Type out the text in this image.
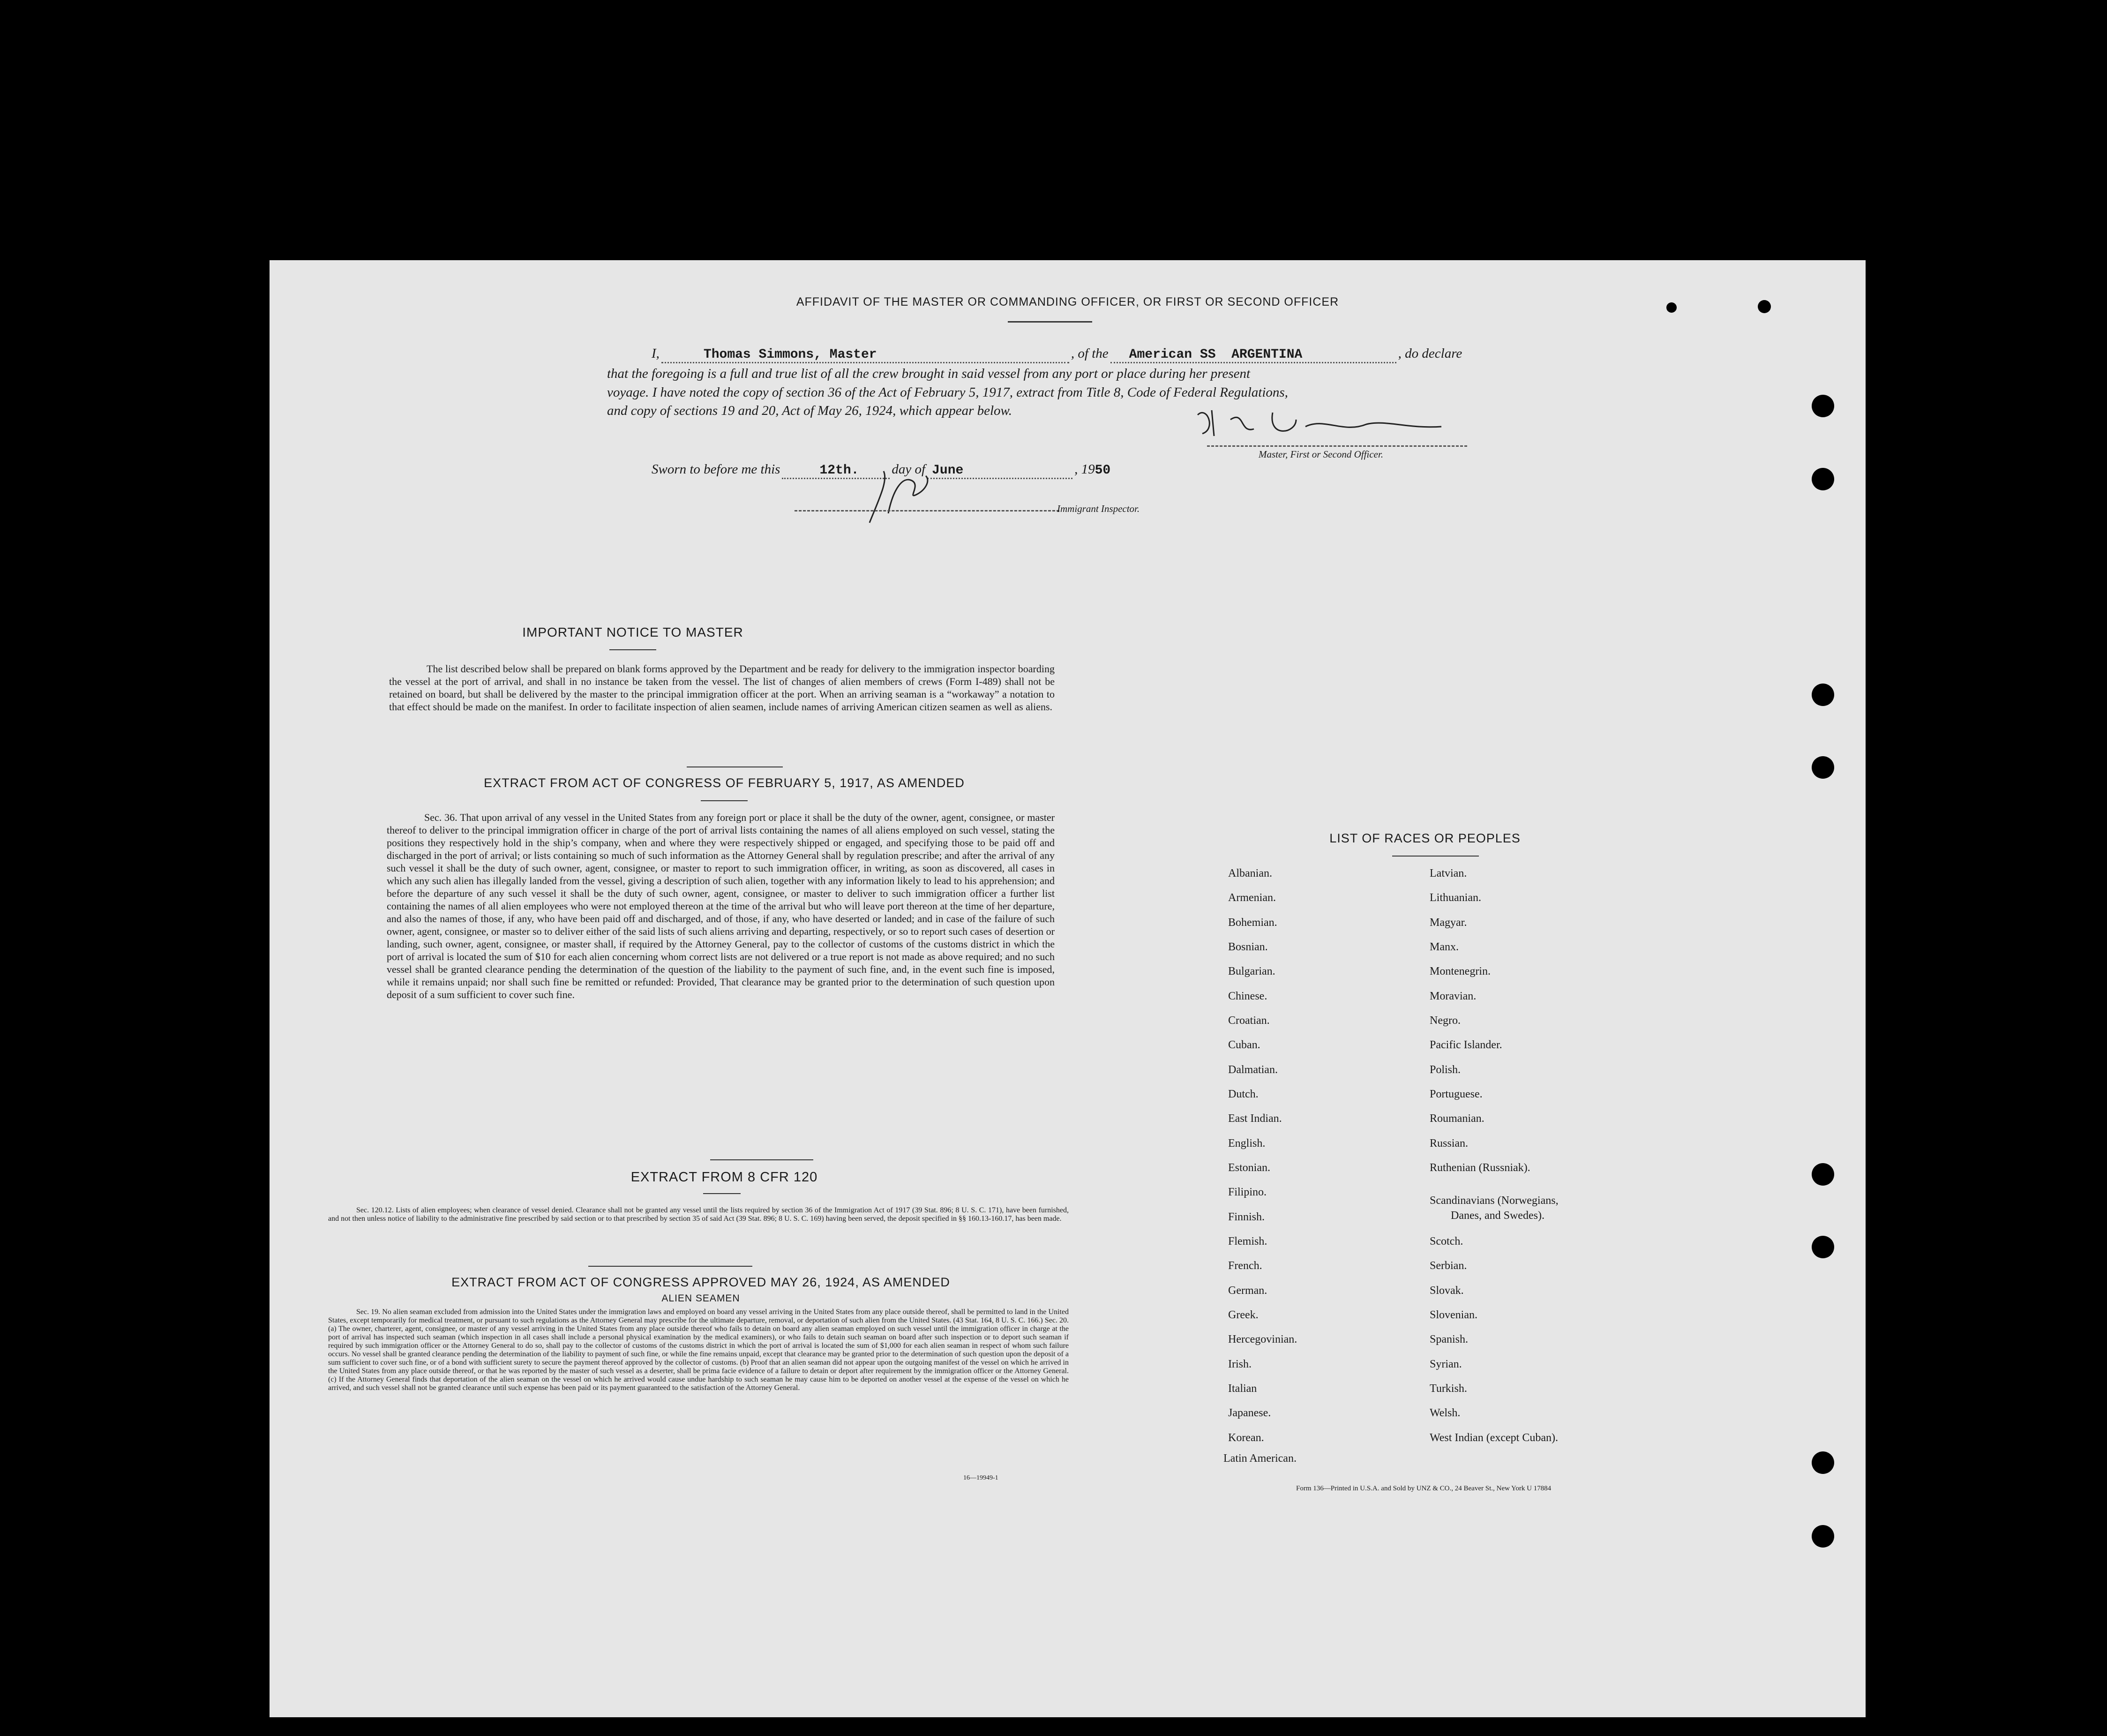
AFFIDAVIT OF THE MASTER OR COMMANDING OFFICER, OR FIRST OR SECOND OFFICER
I,	Thomas Simmons, Master	, of the American SS  ARGENTINA	, do declare
that the foregoing is a full and true list of all the crew brought in said vessel from any port or place during her present
voyage. I have noted the copy of section 36 of the Act of February 5, 1917, extract from Title 8, Code of Federal Regulations,
and copy of sections 19 and 20, Act of May 26, 1924, which appear below.
Master, First or Second Officer.
Sworn to before me this	12th. day of June	, 1950
Immigrant Inspector.
IMPORTANT NOTICE TO MASTER
The list described below shall be prepared on blank forms approved by the Department and be ready for delivery to the immigration inspector boarding the vessel at the port of arrival, and shall in no instance be taken from the vessel. The list of changes of alien members of crews (Form I-489) shall not be retained on board, but shall be delivered by the master to the principal immigration officer at the port. When an arriving seaman is a “workaway” a notation to that effect should be made on the manifest. In order to facilitate inspection of alien seamen, include names of arriving American citizen seamen as well as aliens.
EXTRACT FROM ACT OF CONGRESS OF FEBRUARY 5, 1917, AS AMENDED
Sec. 36. That upon arrival of any vessel in the United States from any foreign port or place it shall be the duty of the owner, agent, consignee, or master thereof to deliver to the principal immigration officer in charge of the port of arrival lists containing the names of all aliens employed on such vessel, stating the positions they respectively hold in the ship’s company, when and where they were respectively shipped or engaged, and specifying those to be paid off and discharged in the port of arrival; or lists containing so much of such information as the Attorney General shall by regulation prescribe; and after the arrival of any such vessel it shall be the duty of such owner, agent, consignee, or master to report to such immigration officer, in writing, as soon as discovered, all cases in which any such alien has illegally landed from the vessel, giving a description of such alien, together with any information likely to lead to his apprehension; and before the departure of any such vessel it shall be the duty of such owner, agent, consignee, or master to deliver to such immigration officer a further list containing the names of all alien employees who were not employed thereon at the time of the arrival but who will leave port thereon at the time of her departure, and also the names of those, if any, who have been paid off and discharged, and of those, if any, who have deserted or landed; and in case of the failure of such owner, agent, consignee, or master so to deliver either of the said lists of such aliens arriving and departing, respectively, or so to report such cases of desertion or landing, such owner, agent, consignee, or master shall, if required by the Attorney General, pay to the collector of customs of the customs district in which the port of arrival is located the sum of $10 for each alien concerning whom correct lists are not delivered or a true report is not made as above required; and no such vessel shall be granted clearance pending the determination of the question of the liability to the payment of such fine, and, in the event such fine is imposed, while it remains unpaid; nor shall such fine be remitted or refunded: Provided, That clearance may be granted prior to the determination of such question upon deposit of a sum sufficient to cover such fine.
EXTRACT FROM 8 CFR 120
Sec. 120.12. Lists of alien employees; when clearance of vessel denied. Clearance shall not be granted any vessel until the lists required by section 36 of the Immigration Act of 1917 (39 Stat. 896; 8 U. S. C. 171), have been furnished, and not then unless notice of liability to the administrative fine prescribed by said section or to that prescribed by section 35 of said Act (39 Stat. 896; 8 U. S. C. 169) having been served, the deposit specified in §§ 160.13-160.17, has been made.
EXTRACT FROM ACT OF CONGRESS APPROVED MAY 26, 1924, AS AMENDED
ALIEN SEAMEN
Sec. 19. No alien seaman excluded from admission into the United States under the immigration laws and employed on board any vessel arriving in the United States from any place outside thereof, shall be permitted to land in the United States, except temporarily for medical treatment, or pursuant to such regulations as the Attorney General may prescribe for the ultimate departure, removal, or deportation of such alien from the United States. (43 Stat. 164, 8 U. S. C. 166.) Sec. 20. (a) The owner, charterer, agent, consignee, or master of any vessel arriving in the United States from any place outside thereof who fails to detain on board any alien seaman employed on such vessel until the immigration officer in charge at the port of arrival has inspected such seaman (which inspection in all cases shall include a personal physical examination by the medical examiners), or who fails to detain such seaman on board after such inspection or to deport such seaman if required by such immigration officer or the Attorney General to do so, shall pay to the collector of customs of the customs district in which the port of arrival is located the sum of $1,000 for each alien seaman in respect of whom such failure occurs. No vessel shall be granted clearance pending the determination of the liability to payment of such fine, or while the fine remains unpaid, except that clearance may be granted prior to the determination of such question upon the deposit of a sum sufficient to cover such fine, or of a bond with sufficient surety to secure the payment thereof approved by the collector of customs. (b) Proof that an alien seaman did not appear upon the outgoing manifest of the vessel on which he arrived in the United States from any place outside thereof, or that he was reported by the master of such vessel as a deserter, shall be prima facie evidence of a failure to detain or deport after requirement by the immigration officer or the Attorney General. (c) If the Attorney General finds that deportation of the alien seaman on the vessel on which he arrived would cause undue hardship to such seaman he may cause him to be deported on another vessel at the expense of the vessel on which he arrived, and such vessel shall not be granted clearance until such expense has been paid or its payment guaranteed to the satisfaction of the Attorney General.
16—19949-1
LIST OF RACES OR PEOPLES
Albanian.
Armenian.
Bohemian.
Bosnian.
Bulgarian.
Chinese.
Croatian.
Cuban.
Dalmatian.
Dutch.
East Indian.
English.
Estonian.
Filipino.
Finnish.
Flemish.
French.
German.
Greek.
Hercegovinian.
Irish.
Italian
Japanese.
Korean.
Latin American.
Latvian.
Lithuanian.
Magyar.
Manx.
Montenegrin.
Moravian.
Negro.
Pacific Islander.
Polish.
Portuguese.
Roumanian.
Russian.
Ruthenian (Russniak).
Scandinavians (Norwegians,
Danes, and Swedes).
Scotch.
Serbian.
Slovak.
Slovenian.
Spanish.
Syrian.
Turkish.
Welsh.
West Indian (except Cuban).
Form 136—Printed in U.S.A. and Sold by UNZ & CO., 24 Beaver St., New York U 17884
